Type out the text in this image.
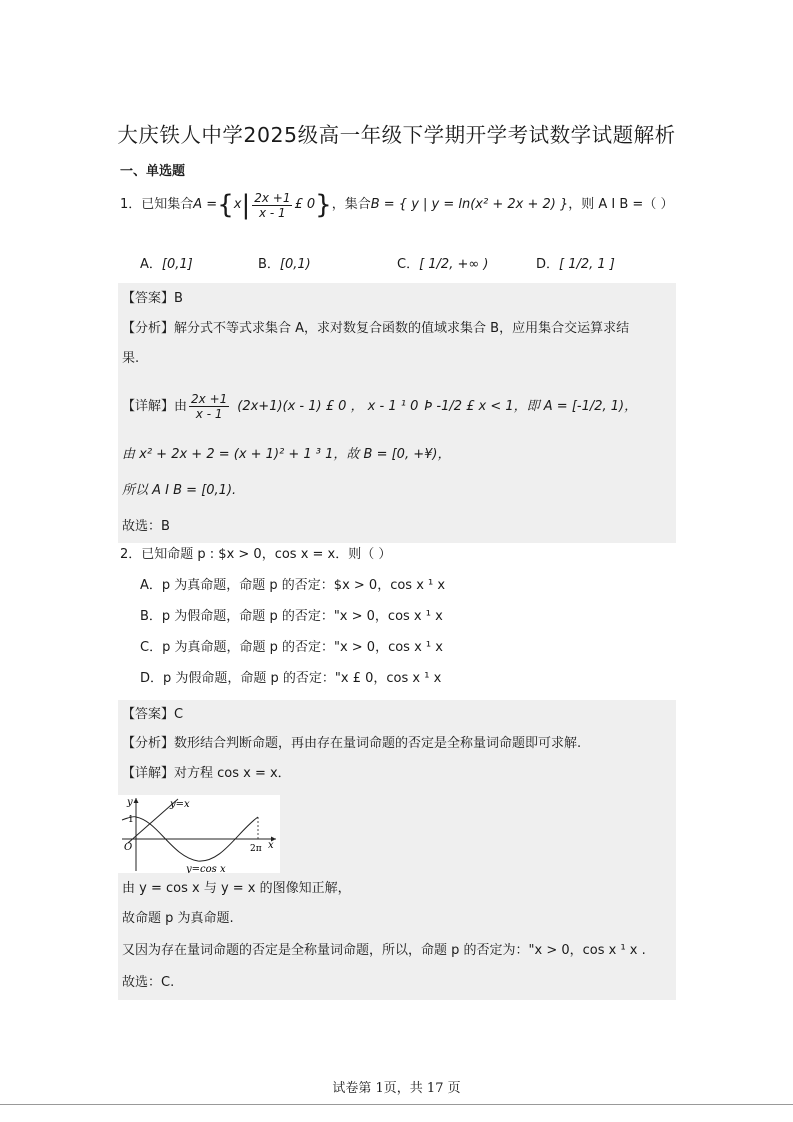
大庆铁人中学2025级高一年级下学期开学考试数学试题解析
一、单选题
1．已知集合 A = { x | $\frac{2x +1}{x - 1}$ £ 0 } ，集合 B = { y | y = ln(x² + 2x + 2) } ，则 A I B =（ ）
A．[0,1]	B．[0,1)	C．[ 1/2, +∞ )	D．[ 1/2, 1 ]
【答案】B
【分析】解分式不等式求集合 A，求对数复合函数的值域求集合 B，应用集合交运算求结
果.
【详解】由 $\frac{2x +1}{x - 1} (2x+1)(x - 1)$ £ 0 ， x - 1 ¹ 0 Þ -1/2 £ x < 1，即 A = [-1/2, 1)，
由 x² + 2x + 2 = (x + 1)² + 1 ³ 1，故 B = [0, +¥)，
所以 A I B = [0,1).
故选：B
2．已知命题 p : $x > 0，cos x = x．则（ ）
A．p 为真命题，命题 p 的否定：$x > 0，cos x ¹ x
B．p 为假命题，命题 p 的否定："x > 0，cos x ¹ x
C．p 为真命题，命题 p 的否定："x > 0，cos x ¹ x
D．p 为假命题，命题 p 的否定："x £ 0，cos x ¹ x
【答案】C
【分析】数形结合判断命题，再由存在量词命题的否定是全称量词命题即可求解.
【详解】对方程 cos x = x．
y
1
O	x
2π
y=x
y=cos x
由 y = cos x 与 y = x 的图像知正解，
故命题 p 为真命题.
又因为存在量词命题的否定是全称量词命题，所以，命题 p 的否定为："x > 0，cos x ¹ x .
故选：C.
试卷第 1页，共 17 页
